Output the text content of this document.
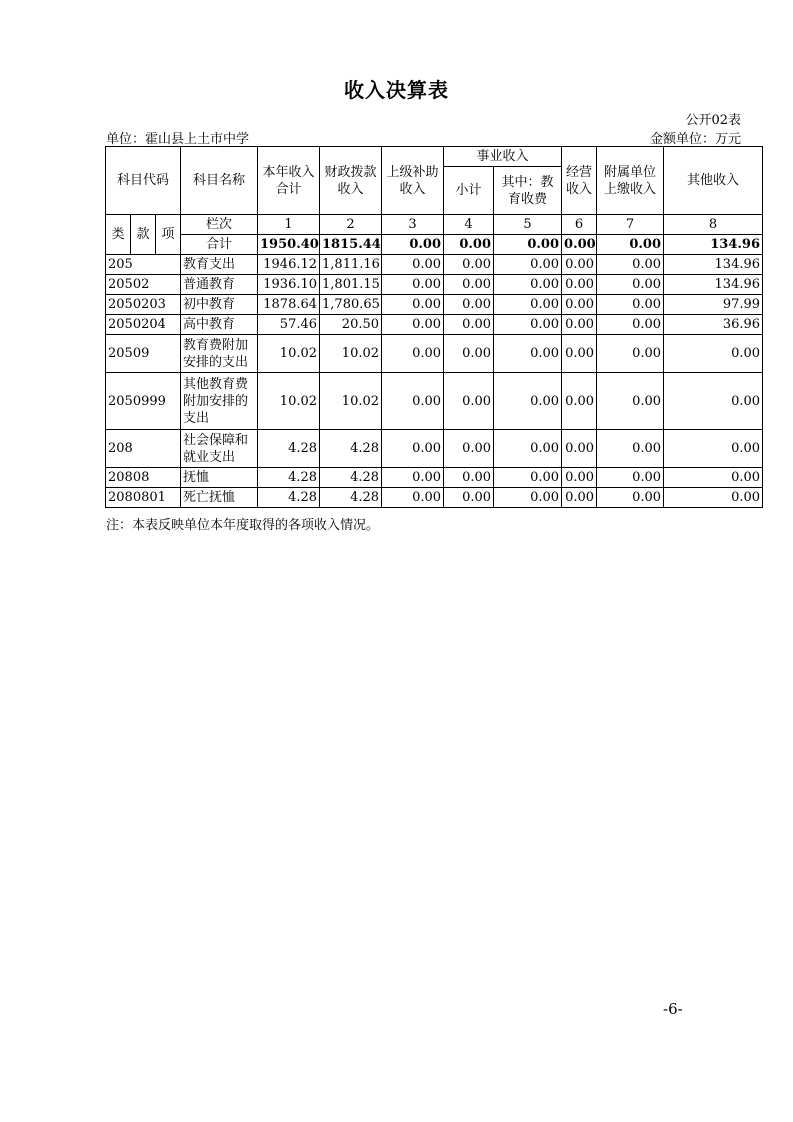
收入决算表
公开02表
单位：霍山县上土市中学	金额单位：万元
科目代码			科目名称	本年收入合计	财政拨款收入	上级补助收入	事业收入		经营收入	附属单位上缴收入	其他收入
							小计	其中：教育收费			
类	款	项	栏次	1	2	3	4	5	6	7	8
			合计	1950.40	1815.44	0.00	0.00	0.00	0.00	0.00	134.96
205			教育支出	1946.12	1,811.16	0.00	0.00	0.00	0.00	0.00	134.96
20502			普通教育	1936.10	1,801.15	0.00	0.00	0.00	0.00	0.00	134.96
2050203			初中教育	1878.64	1,780.65	0.00	0.00	0.00	0.00	0.00	97.99
2050204			高中教育	57.46	20.50	0.00	0.00	0.00	0.00	0.00	36.96
20509			教育费附加安排的支出	10.02	10.02	0.00	0.00	0.00	0.00	0.00	0.00
2050999			其他教育费附加安排的支出	10.02	10.02	0.00	0.00	0.00	0.00	0.00	0.00
208			社会保障和就业支出	4.28	4.28	0.00	0.00	0.00	0.00	0.00	0.00
20808			抚恤	4.28	4.28	0.00	0.00	0.00	0.00	0.00	0.00
2080801			死亡抚恤	4.28	4.28	0.00	0.00	0.00	0.00	0.00	0.00
注：本表反映单位本年度取得的各项收入情况。
-6-
